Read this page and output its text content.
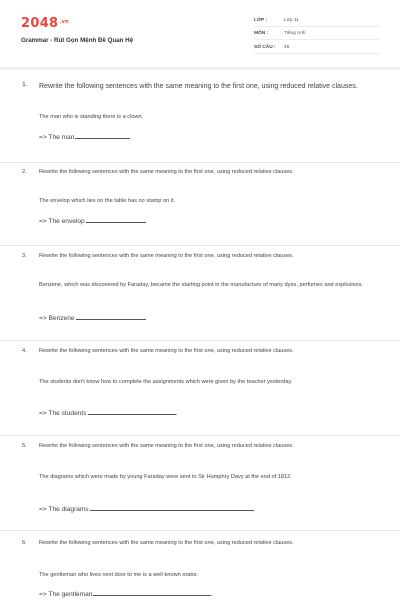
$2048^{.vn}$
Grammar - Rút Gọn Mệnh Đề Quan Hệ
LỚP :	Lớp 11
MÔN :	Tiếng Anh
SỐ CÂU : 45
1. Rewrite the following sentences with the same meaning to the first one, using reduced relative clauses.
The man who is standing there is a clown.
=> The man
2. Rewrite the following sentences with the same meaning to the first one, using reduced relative clauses.
The envelop which lies on the table has no stamp on it.
=> The envelop
3. Rewrite the following sentences with the same meaning to the first one, using reduced relative clauses.
Benzene, which was discovered by Faraday, became the starting point in the manufacture of many dyes, perfumes and explosives.
=> Benzene
4. Rewrite the following sentences with the same meaning to the first one, using reduced relative clauses.
The students don't know how to complete the assignments which were given by the teacher yesterday.
=> The students	.
5. Rewrite the following sentences with the same meaning to the first one, using reduced relative clauses.
The diagrams which were made by young Faraday were sent to Sir Humphry Davy at the end of 1812.
=> The diagrams
6. Rewrite the following sentences with the same meaning to the first one, using reduced relative clauses.
The gentleman who lives next door to me is a well-known orator.
=> The gentleman	.
